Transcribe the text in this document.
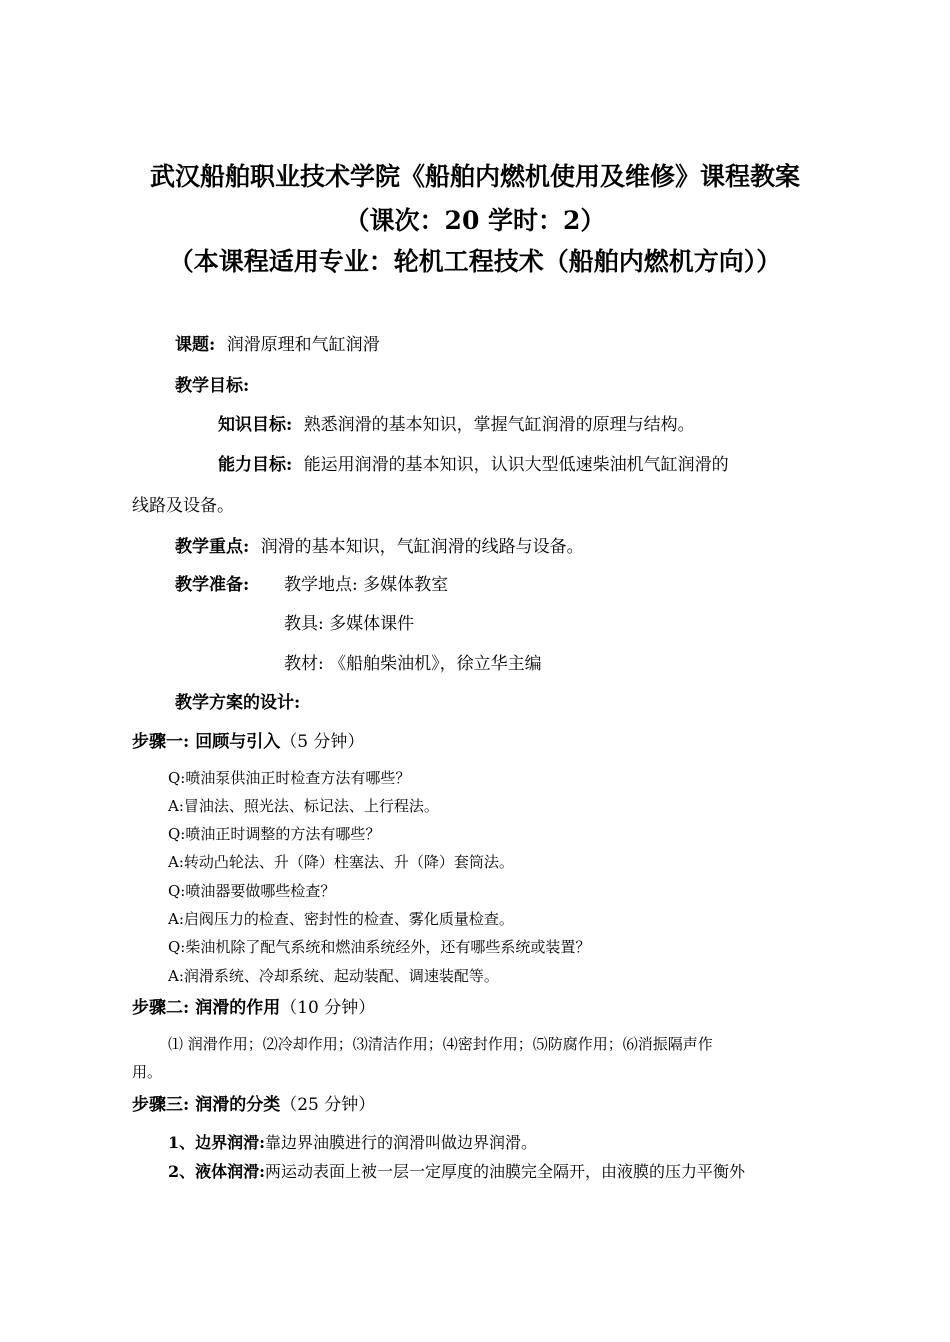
武汉船舶职业技术学院《船舶内燃机使用及维修》课程教案
（课次：20 学时：2）
（本课程适用专业：轮机工程技术（船舶内燃机方向））
课题: 润滑原理和气缸润滑
教学目标:
知识目标: 熟悉润滑的基本知识，掌握气缸润滑的原理与结构。
能力目标: 能运用润滑的基本知识，认识大型低速柴油机气缸润滑的
线路及设备。
教学重点: 润滑的基本知识，气缸润滑的线路与设备。
教学准备: 教学地点: 多媒体教室
教具: 多媒体课件
教材: 《船舶柴油机》，徐立华主编
教学方案的设计:
步骤一: 回顾与引入（5 分钟）
Q:喷油泵供油正时检查方法有哪些？
A:冒油法、照光法、标记法、上行程法。
Q:喷油正时调整的方法有哪些？
A:转动凸轮法、升（降）柱塞法、升（降）套筒法。
Q:喷油器要做哪些检查？
A:启阀压力的检查、密封性的检查、雾化质量检查。
Q:柴油机除了配气系统和燃油系统经外，还有哪些系统或装置？
A:润滑系统、冷却系统、起动装配、调速装配等。
步骤二: 润滑的作用（10 分钟）
⑴ 润滑作用；⑵冷却作用；⑶清洁作用；⑷密封作用；⑸防腐作用；⑹消振隔声作
用。
步骤三: 润滑的分类（25 分钟）
1、边界润滑:靠边界油膜进行的润滑叫做边界润滑。
2、液体润滑:两运动表面上被一层一定厚度的油膜完全隔开，由液膜的压力平衡外
